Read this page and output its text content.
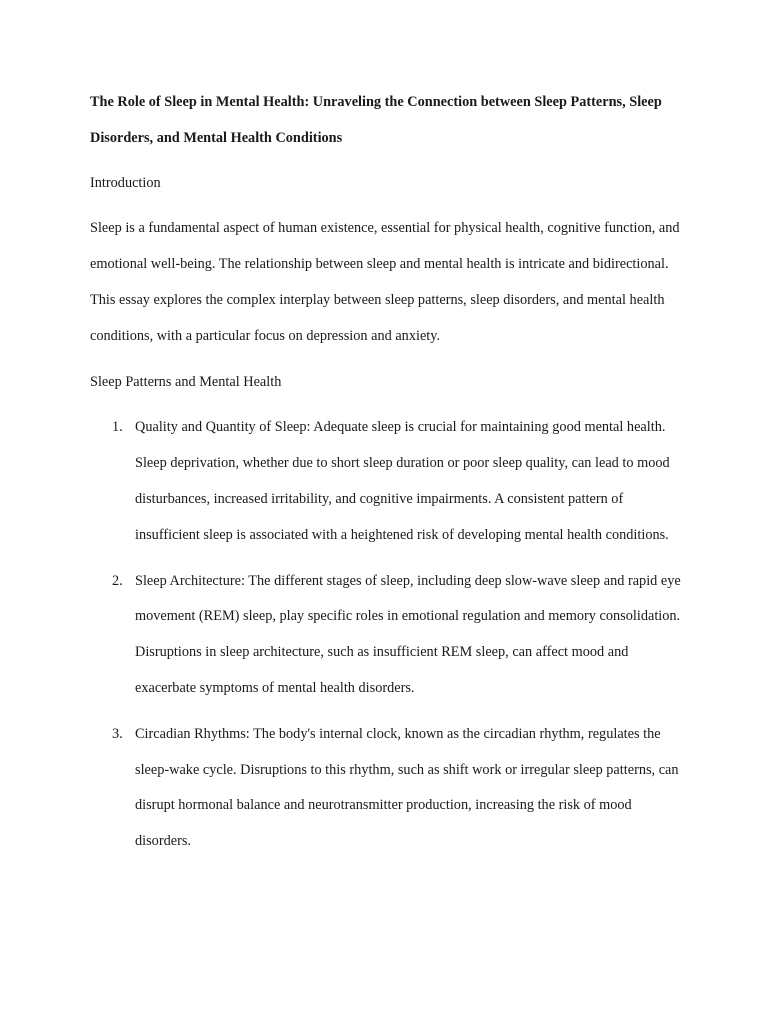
The Role of Sleep in Mental Health: Unraveling the Connection between Sleep Patterns, Sleep Disorders, and Mental Health Conditions

Introduction

Sleep is a fundamental aspect of human existence, essential for physical health, cognitive function, and emotional well-being. The relationship between sleep and mental health is intricate and bidirectional. This essay explores the complex interplay between sleep patterns, sleep disorders, and mental health conditions, with a particular focus on depression and anxiety.

Sleep Patterns and Mental Health

1. Quality and Quantity of Sleep: Adequate sleep is crucial for maintaining good mental health. Sleep deprivation, whether due to short sleep duration or poor sleep quality, can lead to mood disturbances, increased irritability, and cognitive impairments. A consistent pattern of insufficient sleep is associated with a heightened risk of developing mental health conditions.
2. Sleep Architecture: The different stages of sleep, including deep slow-wave sleep and rapid eye movement (REM) sleep, play specific roles in emotional regulation and memory consolidation. Disruptions in sleep architecture, such as insufficient REM sleep, can affect mood and exacerbate symptoms of mental health disorders.
3. Circadian Rhythms: The body's internal clock, known as the circadian rhythm, regulates the sleep-wake cycle. Disruptions to this rhythm, such as shift work or irregular sleep patterns, can disrupt hormonal balance and neurotransmitter production, increasing the risk of mood disorders.
